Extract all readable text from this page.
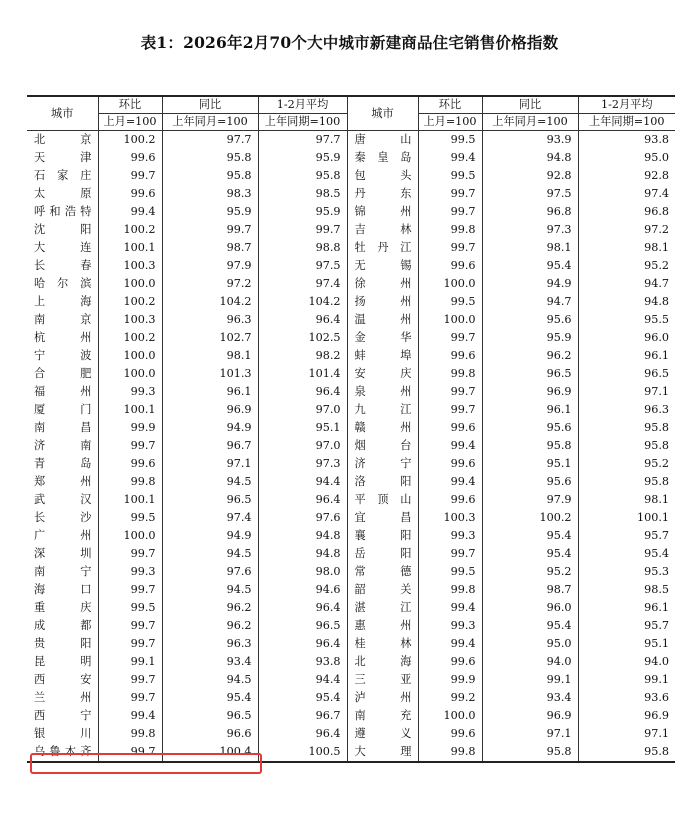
表1：2026年2月70个大中城市新建商品住宅销售价格指数
城市	环比	同比	1-2月平均	城市	环比	同比	1-2月平均
	上月=100	上年同月=100	上年同期=100		上月=100	上年同月=100	上年同期=100
北京	100.2	97.7	97.7	唐山	99.5	93.9	93.8
天津	99.6	95.8	95.9	秦皇岛	99.4	94.8	95.0
石家庄	99.7	95.8	95.8	包头	99.5	92.8	92.8
太原	99.6	98.3	98.5	丹东	99.7	97.5	97.4
呼和浩特	99.4	95.9	95.9	锦州	99.7	96.8	96.8
沈阳	100.2	99.7	99.7	吉林	99.8	97.3	97.2
大连	100.1	98.7	98.8	牡丹江	99.7	98.1	98.1
长春	100.3	97.9	97.5	无锡	99.6	95.4	95.2
哈尔滨	100.0	97.2	97.4	徐州	100.0	94.9	94.7
上海	100.2	104.2	104.2	扬州	99.5	94.7	94.8
南京	100.3	96.3	96.4	温州	100.0	95.6	95.5
杭州	100.2	102.7	102.5	金华	99.7	95.9	96.0
宁波	100.0	98.1	98.2	蚌埠	99.6	96.2	96.1
合肥	100.0	101.3	101.4	安庆	99.8	96.5	96.5
福州	99.3	96.1	96.4	泉州	99.7	96.9	97.1
厦门	100.1	96.9	97.0	九江	99.7	96.1	96.3
南昌	99.9	94.9	95.1	赣州	99.6	95.6	95.8
济南	99.7	96.7	97.0	烟台	99.4	95.8	95.8
青岛	99.6	97.1	97.3	济宁	99.6	95.1	95.2
郑州	99.8	94.5	94.4	洛阳	99.4	95.6	95.8
武汉	100.1	96.5	96.4	平顶山	99.6	97.9	98.1
长沙	99.5	97.4	97.6	宜昌	100.3	100.2	100.1
广州	100.0	94.9	94.8	襄阳	99.3	95.4	95.7
深圳	99.7	94.5	94.8	岳阳	99.7	95.4	95.4
南宁	99.3	97.6	98.0	常德	99.5	95.2	95.3
海口	99.7	94.5	94.6	韶关	99.8	98.7	98.5
重庆	99.5	96.2	96.4	湛江	99.4	96.0	96.1
成都	99.7	96.2	96.5	惠州	99.3	95.4	95.7
贵阳	99.7	96.3	96.4	桂林	99.4	95.0	95.1
昆明	99.1	93.4	93.8	北海	99.6	94.0	94.0
西安	99.7	94.5	94.4	三亚	99.9	99.1	99.1
兰州	99.7	95.4	95.4	泸州	99.2	93.4	93.6
西宁	99.4	96.5	96.7	南充	100.0	96.9	96.9
银川	99.8	96.6	96.4	遵义	99.6	97.1	97.1
乌鲁木齐	99.7	100.4	100.5	大理	99.8	95.8	95.8
